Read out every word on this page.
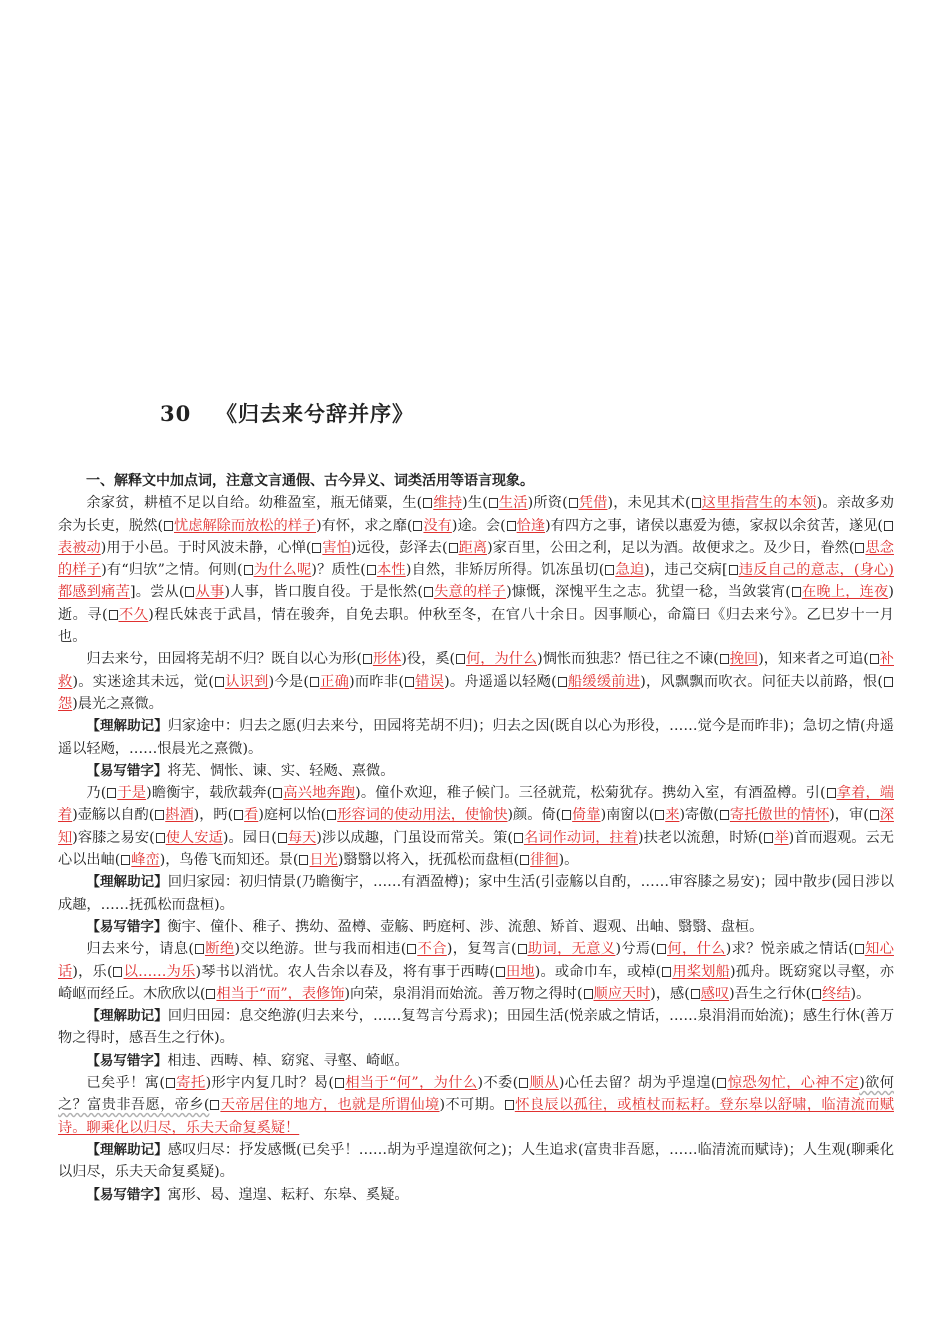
30 《归去来兮辞并序》

一、解释文中加点词，注意文言通假、古今异义、词类活用等语言现象。

余家贫，耕植不足以自给。幼稚盈室，瓶无储粟，生( 维持)生( 生活)所资( 凭借)，未见其术( 这里指营生的本领)。亲故多劝余为长吏，脱然( 忧虑解除而放松的样子)有怀，求之靡( 没有)途。会( 恰逢)有四方之事，诸侯以惠爱为德，家叔以余贫苦，遂见(表被动)用于小邑。于时风波未静，心惮( 害怕)远役，彭泽去( 距离)家百里，公田之利，足以为酒。故便求之。及少日，眷然( 思念的样子)有“归欤”之情。何则( 为什么呢)？质性( 本性)自然，非矫厉所得。饥冻虽切( 急迫)，违己交病[ 违反自己的意志，(身心)都感到痛苦]。尝从( 从事)人事，皆口腹自役。于是怅然( 失意的样子)慷慨，深愧平生之志。犹望一稔，当敛裳宵( 在晚上，连夜)逝。寻( 不久)程氏妹丧于武昌，情在骏奔，自免去职。仲秋至冬，在官八十余日。因事顺心，命篇曰《归去来兮》。乙巳岁十一月也。

归去来兮，田园将芜胡不归？既自以心为形( 形体)役，奚( 何，为什么)惆怅而独悲？悟已往之不谏( 挽回)，知来者之可追( 补救)。实迷途其未远，觉( 认识到)今是( 正确)而昨非( 错误)。舟遥遥以轻飏( 船缓缓前进)，风飘飘而吹衣。问征夫以前路，恨(怨)晨光之熹微。

【理解助记】归家途中：归去之愿(归去来兮，田园将芜胡不归)；归去之因(既自以心为形役，……觉今是而昨非)；急切之情(舟遥遥以轻飏，……恨晨光之熹微)。

【易写错字】将芜、惆怅、谏、实、轻飏、熹微。

乃( 于是)瞻衡宇，载欣载奔( 高兴地奔跑)。僮仆欢迎，稚子候门。三径就荒，松菊犹存。携幼入室，有酒盈樽。引( 拿着，端着)壶觞以自酌( 斟酒)，眄( 看)庭柯以怡( 形容词的使动用法，使愉快)颜。倚( 倚靠)南窗以( 来)寄傲( 寄托傲世的情怀)，审( 深知)容膝之易安( 使人安适)。园日( 每天)涉以成趣，门虽设而常关。策( 名词作动词，拄着)扶老以流憩，时矫( 举)首而遐观。云无心以出岫( 峰峦)，鸟倦飞而知还。景( 日光)翳翳以将入，抚孤松而盘桓( 徘徊)。

【理解助记】回归家园：初归情景(乃瞻衡宇，……有酒盈樽)；家中生活(引壶觞以自酌，……审容膝之易安)；园中散步(园日涉以成趣，……抚孤松而盘桓)。

【易写错字】衡宇、僮仆、稚子、携幼、盈樽、壶觞、眄庭柯、涉、流憩、矫首、遐观、出岫、翳翳、盘桓。

归去来兮，请息( 断绝)交以绝游。世与我而相违( 不合)，复驾言( 助词，无意义)兮焉( 何，什么)求？悦亲戚之情话( 知心话)，乐( 以……为乐)琴书以消忧。农人告余以春及，将有事于西畴( 田地)。或命巾车，或棹( 用桨划船)孤舟。既窈窕以寻壑，亦崎岖而经丘。木欣欣以( 相当于“而”，表修饰)向荣，泉涓涓而始流。善万物之得时( 顺应天时)，感( 感叹)吾生之行休( 终结)。

【理解助记】回归田园：息交绝游(归去来兮，……复驾言兮焉求)；田园生活(悦亲戚之情话，……泉涓涓而始流)；感生行休(善万物之得时，感吾生之行休)。

【易写错字】相违、西畴、棹、窈窕、寻壑、崎岖。

已矣乎！寓( 寄托)形宇内复几时？曷( 相当于“何”，为什么)不委( 顺从)心任去留？胡为乎遑遑( 惊恐匆忙，心神不定)欲何之？富贵非吾愿，帝乡( 天帝居住的地方，也就是所谓仙境)不可期。 怀良辰以孤往，或植杖而耘耔。登东皋以舒啸，临清流而赋诗。聊乘化以归尽，乐夫天命复奚疑！

【理解助记】感叹归尽：抒发感慨(已矣乎！……胡为乎遑遑欲何之)；人生追求(富贵非吾愿，……临清流而赋诗)；人生观(聊乘化以归尽，乐夫天命复奚疑)。

【易写错字】寓形、曷、遑遑、耘耔、东皋、奚疑。
